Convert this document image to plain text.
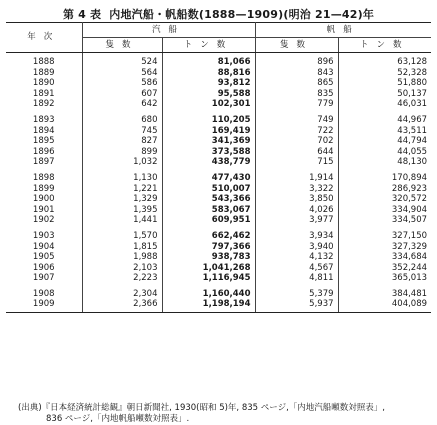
第 4 表 内地汽船・帆船数(1888—1909)(明治 21—42)年
年次	汽船		帆船	
	隻数	トン数	隻数	トン数
1888	524	81,066	896	63,128
1889	564	88,816	843	52,328
1890	586	93,812	865	51,880
1891	607	95,588	835	50,137
1892	642	102,301	779	46,031
1893	680	110,205	749	44,967
1894	745	169,419	722	43,511
1895	827	341,369	702	44,794
1896	899	373,588	644	44,055
1897	1,032	438,779	715	48,130
1898	1,130	477,430	1,914	170,894
1899	1,221	510,007	3,322	286,923
1900	1,329	543,366	3,850	320,572
1901	1,395	583,067	4,026	334,904
1902	1,441	609,951	3,977	334,507
1903	1,570	662,462	3,934	327,150
1904	1,815	797,366	3,940	327,329
1905	1,988	938,783	4,132	334,684
1906	2,103	1,041,268	4,567	352,244
1907	2,223	1,116,945	4,811	365,013
1908	2,304	1,160,440	5,379	384,481
1909	2,366	1,198,194	5,937	404,089
(出典)『日本経済統計総観』朝日新聞社, 1930(昭和 5)年, 835 ページ,「内地汽船噸数対照表」,
836 ページ,「内地帆船噸数対照表」.
